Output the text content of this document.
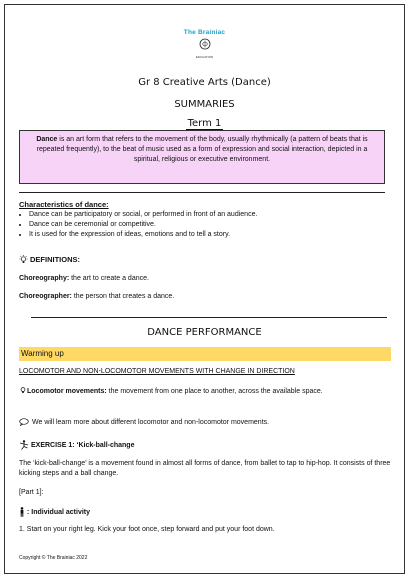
The Brainiac
EDUCATION
Gr 8 Creative Arts (Dance)
SUMMARIES
Term 1
Dance is an art form that refers to the movement of the body, usually rhythmically (a pattern of beats that is repeated frequently), to the beat of music used as a form of expression and social interaction, depicted in a spiritual, religious or executive environment.
Characteristics of dance:
• Dance can be participatory or social, or performed in front of an audience.
• Dance can be ceremonial or competitive.
• It is used for the expression of ideas, emotions and to tell a story.
DEFINITIONS:
Choreography: the art to create a dance.
Choreographer: the person that creates a dance.
DANCE PERFORMANCE
Warming up
LOCOMOTOR AND NON-LOCOMOTOR MOVEMENTS WITH CHANGE IN DIRECTION
Locomotor movements: the movement from one place to another, across the available space.
We will learn more about different locomotor and non-locomotor movements.
EXERCISE 1: ‘Kick-ball-change
The ‘kick-ball-change’ is a movement found in almost all forms of dance, from ballet to tap to hip-hop. It consists of three kicking steps and a ball change.
[Part 1]:
: Individual activity
1. Start on your right leg. Kick your foot once, step forward and put your foot down.
Copyright © The Brainiac 2022
